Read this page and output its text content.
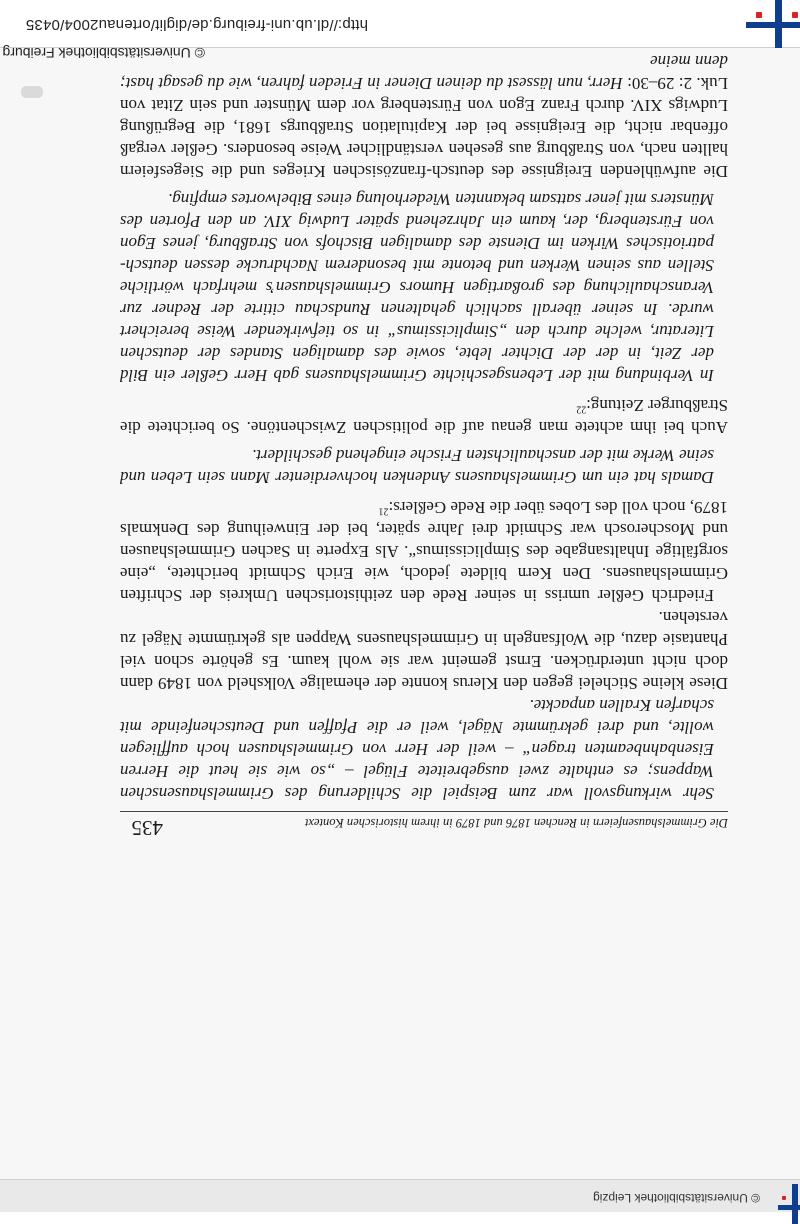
© Universitätsbibliothek Leipzig
Die Grimmelshausenfeiern in Renchen 1876 und 1879 in ihrem historischen Kontext
435

Sehr wirkungsvoll war zum Beispiel die Schilderung des Grimmelshausenschen Wappens; es enthalte zwei ausgebreitete Flügel – „so wie sie heut die Herren Eisenbahnbeamten tragen“ – weil der Herr von Grimmelshausen hoch auffliegen wollte, und drei gekrümmte Nägel, weil er die Pfaffen und Deutschenfeinde mit scharfen Krallen anpackte.

Diese kleine Stichelei gegen den Klerus konnte der ehemalige Volksheld von 1849 dann doch nicht unterdrücken. Ernst gemeint war sie wohl kaum. Es gehörte schon viel Phantasie dazu, die Wolfsangeln in Grimmelshausens Wappen als gekrümmte Nägel zu verstehen.

Friedrich Geßler umriss in seiner Rede den zeithistorischen Umkreis der Schriften Grimmelshausens. Den Kern bildete jedoch, wie Erich Schmidt berichtete, „eine sorgfältige Inhaltsangabe des Simplicissimus“. Als Experte in Sachen Grimmelshausen und Moscherosch war Schmidt drei Jahre später, bei der Einweihung des Denkmals 1879, noch voll des Lobes über die Rede Geßlers:$^{21}$

Damals hat ein um Grimmelshausens Andenken hochverdienter Mann sein Leben und seine Werke mit der anschaulichsten Frische eingehend geschildert.

Auch bei ihm achtete man genau auf die politischen Zwischentöne. So berichtete die Straßburger Zeitung:$^{22}$

In Verbindung mit der Lebensgeschichte Grimmelshausens gab Herr Geßler ein Bild der Zeit, in der der Dichter lebte, sowie des damaligen Standes der deutschen Literatur, welche durch den „Simplicissimus“ in so tiefwirkender Weise bereichert wurde. In seiner überall sachlich gehaltenen Rundschau citirte der Redner zur Veranschaulichung des großartigen Humors Grimmelshausen’s mehrfach wörtliche Stellen aus seinen Werken und betonte mit besonderem Nachdrucke dessen deutsch-patriotisches Wirken im Dienste des damaligen Bischofs von Straßburg, jenes Egon von Fürstenberg, der, kaum ein Jahrzehend später Ludwig XIV. an den Pforten des Münsters mit jener sattsam bekannten Wiederholung eines Bibelwortes empfing.

Die aufwühlenden Ereignisse des deutsch-französischen Krieges und die Siegesfeiern hallten nach, von Straßburg aus gesehen verständlicher Weise besonders. Geßler vergaß offenbar nicht, die Ereignisse bei der Kapitulation Straßburgs 1681, die Begrüßung Ludwigs XIV. durch Franz Egon von Fürstenberg vor dem Münster und sein Zitat von Luk. 2: 29–30: Herr, nun lässest du deinen Diener in Frieden fahren, wie du gesagt hast; denn meine

© Universitätsbibliothek Freiburg
http://dl.ub.uni-freiburg.de/diglit/ortenau2004/0435
